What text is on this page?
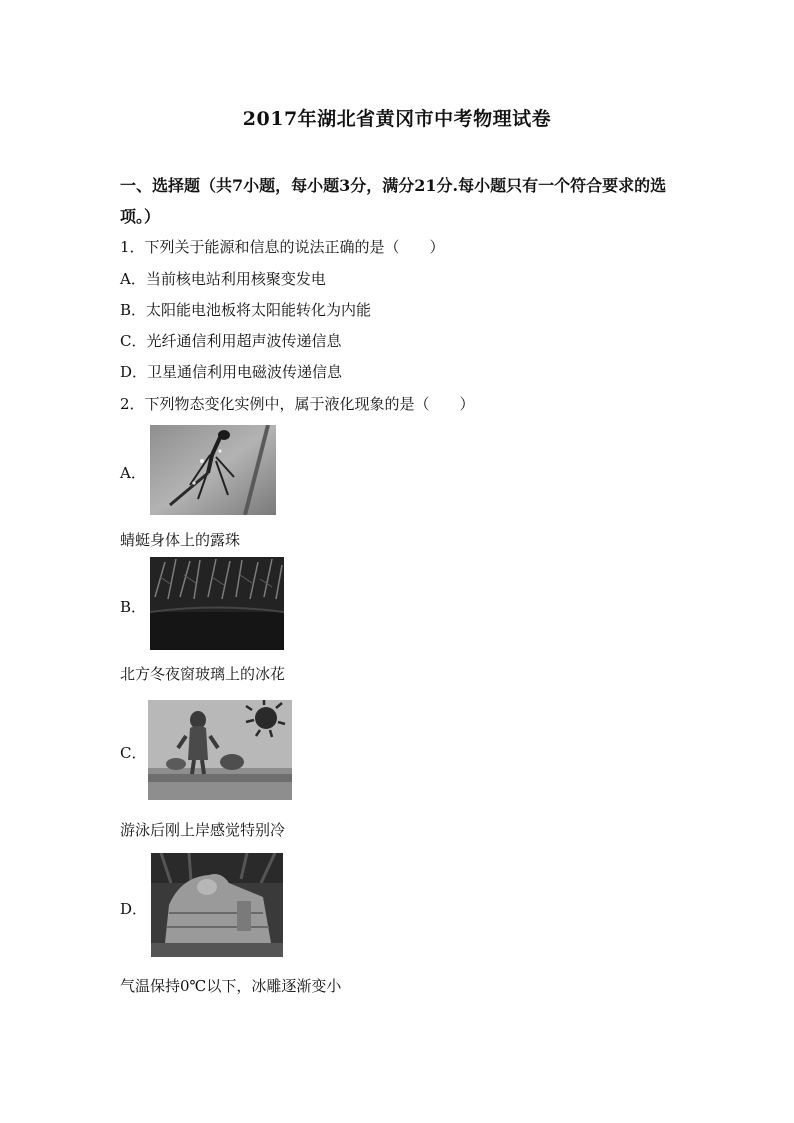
2017年湖北省黄冈市中考物理试卷
一、选择题（共7小题，每小题3分，满分21分.每小题只有一个符合要求的选
项。）
1．下列关于能源和信息的说法正确的是（　　）
A．当前核电站利用核聚变发电
B．太阳能电池板将太阳能转化为内能
C．光纤通信利用超声波传递信息
D．卫星通信利用电磁波传递信息
2．下列物态变化实例中，属于液化现象的是（　　）
A．
蜻蜓身体上的露珠
B．
北方冬夜窗玻璃上的冰花
C．
游泳后刚上岸感觉特别冷
D．
气温保持0℃以下，冰雕逐渐变小
